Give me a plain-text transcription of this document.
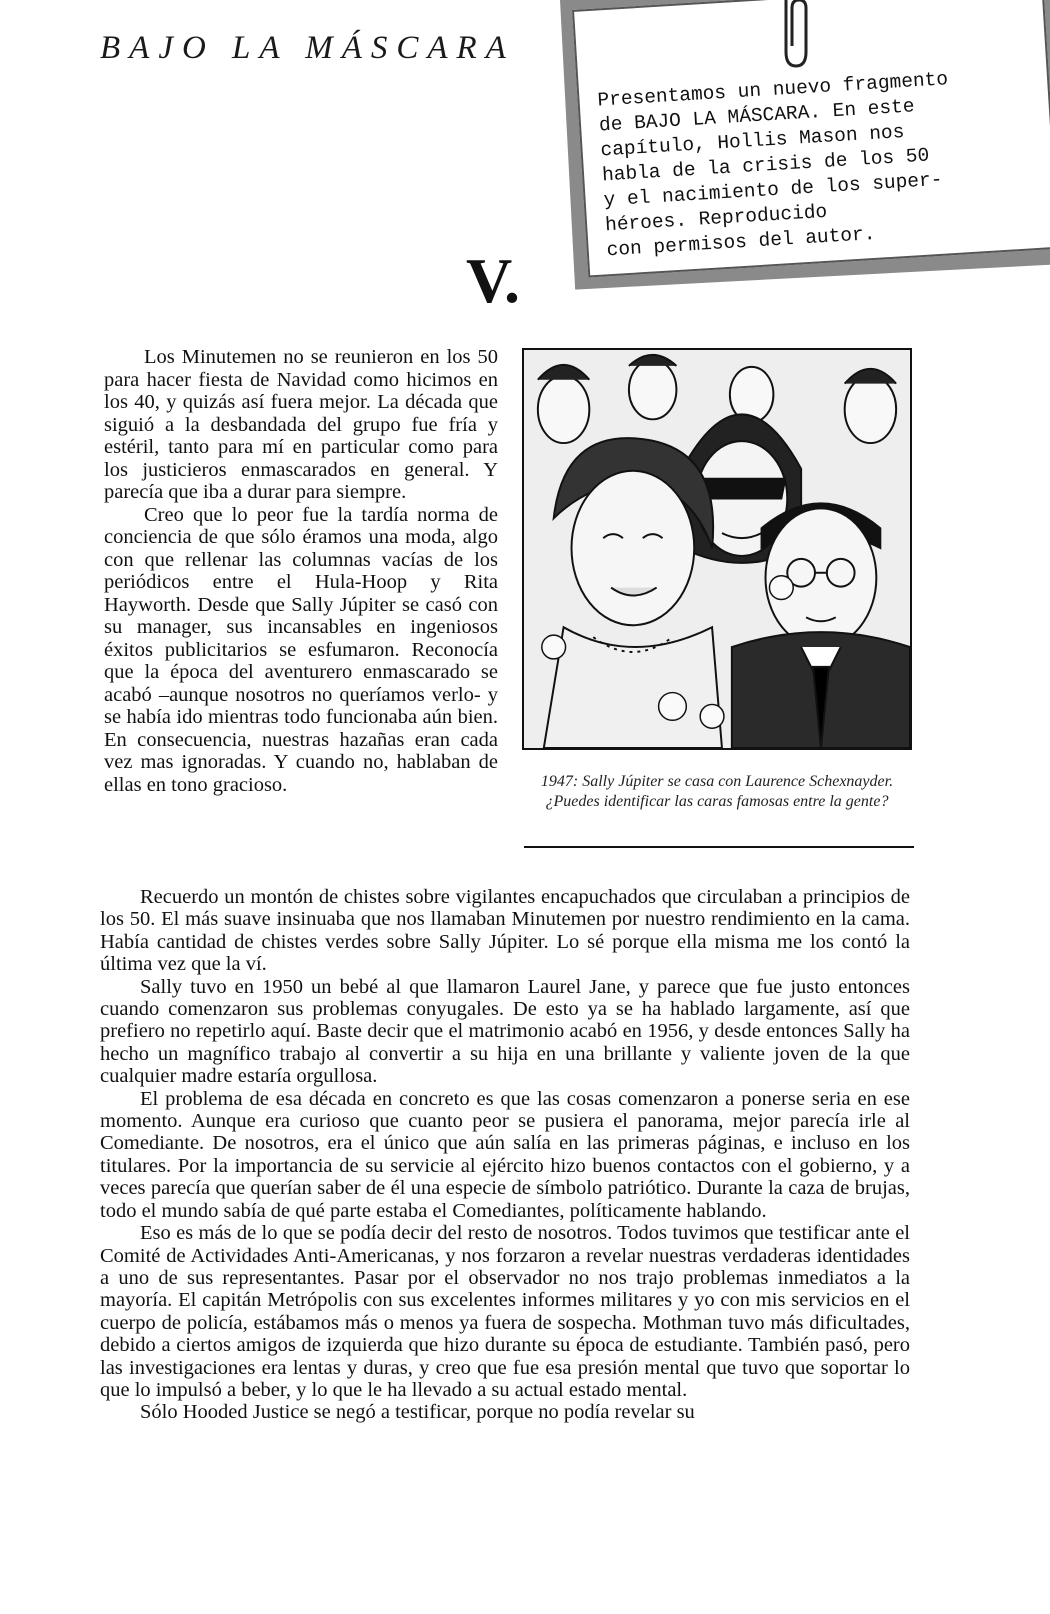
BAJO LA MÁSCARA

Presentamos un nuevo fragmento
de BAJO LA MÁSCARA. En este
capítulo, Hollis Mason nos
habla de la crisis de los 50
y el nacimiento de los super-
héroes. Reproducido
con permisos del autor.

V.

Los Minutemen no se reunieron en los 50 para hacer fiesta de Navidad como hicimos en los 40, y quizás así fuera mejor. La década que siguió a la desbandada del grupo fue fría y estéril, tanto para mí en particular como para los justicieros enmascarados en general. Y parecía que iba a durar para siempre.

Creo que lo peor fue la tardía norma de conciencia de que sólo éramos una moda, algo con que rellenar las columnas vacías de los periódicos entre el Hula-Hoop y Rita Hayworth. Desde que Sally Júpiter se casó con su manager, sus incansables en ingeniosos éxitos publicitarios se esfumaron. Reconocía que la época del aventurero enmascarado se acabó –aunque nosotros no queríamos verlo- y se había ido mientras todo funcionaba aún bien. En consecuencia, nuestras hazañas eran cada vez mas ignoradas. Y cuando no, hablaban de ellas en tono gracioso.	1947: Sally Júpiter se casa con Laurence Schexnayder. ¿Puedes identificar las caras famosas entre la gente?

Recuerdo un montón de chistes sobre vigilantes encapuchados que circulaban a principios de los 50. El más suave insinuaba que nos llamaban Minutemen por nuestro rendimiento en la cama. Había cantidad de chistes verdes sobre Sally Júpiter. Lo sé porque ella misma me los contó la última vez que la ví.

Sally tuvo en 1950 un bebé al que llamaron Laurel Jane, y parece que fue justo entonces cuando comenzaron sus problemas conyugales. De esto ya se ha hablado largamente, así que prefiero no repetirlo aquí. Baste decir que el matrimonio acabó en 1956, y desde entonces Sally ha hecho un magnífico trabajo al convertir a su hija en una brillante y valiente joven de la que cualquier madre estaría orgullosa.

El problema de esa década en concreto es que las cosas comenzaron a ponerse seria en ese momento. Aunque era curioso que cuanto peor se pusiera el panorama, mejor parecía irle al Comediante. De nosotros, era el único que aún salía en las primeras páginas, e incluso en los titulares. Por la importancia de su servicie al ejército hizo buenos contactos con el gobierno, y a veces parecía que querían saber de él una especie de símbolo patriótico. Durante la caza de brujas, todo el mundo sabía de qué parte estaba el Comediantes, políticamente hablando.

Eso es más de lo que se podía decir del resto de nosotros. Todos tuvimos que testificar ante el Comité de Actividades Anti-Americanas, y nos forzaron a revelar nuestras verdaderas identidades a uno de sus representantes. Pasar por el observador no nos trajo problemas inmediatos a la mayoría. El capitán Metrópolis con sus excelentes informes militares y yo con mis servicios en el cuerpo de policía, estábamos más o menos ya fuera de sospecha. Mothman tuvo más dificultades, debido a ciertos amigos de izquierda que hizo durante su época de estudiante. También pasó, pero las investigaciones era lentas y duras, y creo que fue esa presión mental que tuvo que soportar lo que lo impulsó a beber, y lo que le ha llevado a su actual estado mental.

Sólo Hooded Justice se negó a testificar, porque no podía revelar su
